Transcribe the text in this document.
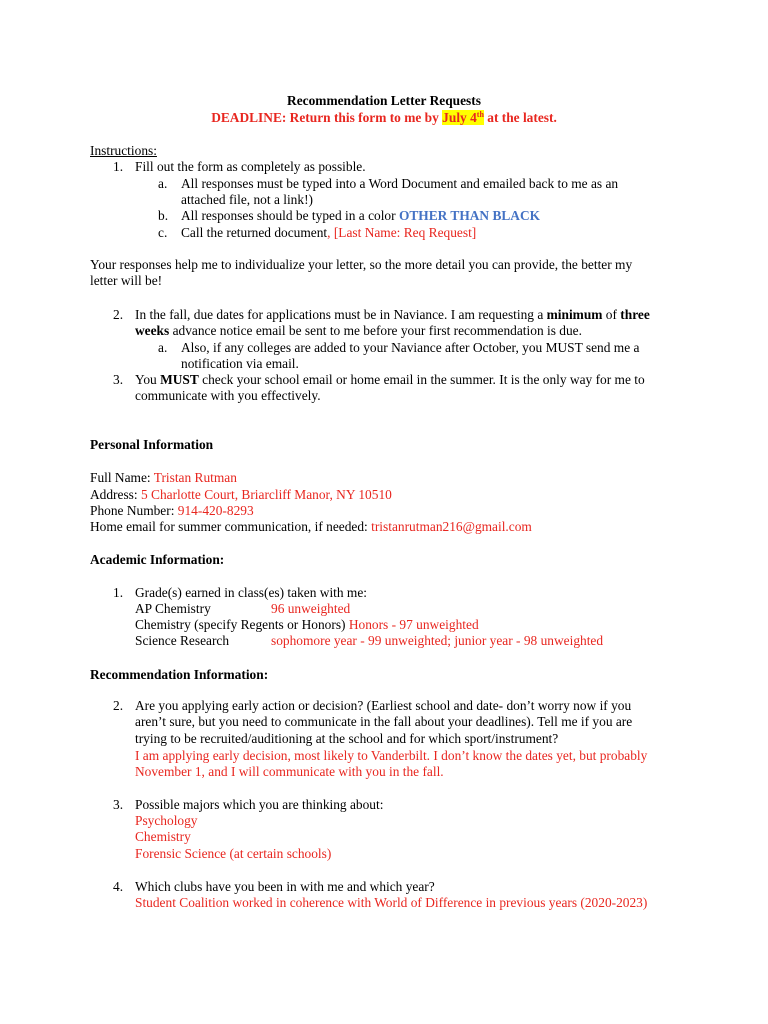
Recommendation Letter Requests
DEADLINE: Return this form to me by July 4th at the latest.
Instructions:
1. Fill out the form as completely as possible.
a. All responses must be typed into a Word Document and emailed back to me as an
attached file, not a link!)
b. All responses should be typed in a color OTHER THAN BLACK
c. Call the returned document, [Last Name: Req Request]
Your responses help me to individualize your letter, so the more detail you can provide, the better my
letter will be!
2. In the fall, due dates for applications must be in Naviance. I am requesting a minimum of three
weeks advance notice email be sent to me before your first recommendation is due.
a. Also, if any colleges are added to your Naviance after October, you MUST send me a
notification via email.
3. You MUST check your school email or home email in the summer. It is the only way for me to
communicate with you effectively.
Personal Information
Full Name: Tristan Rutman
Address: 5 Charlotte Court, Briarcliff Manor, NY 10510
Phone Number: 914-420-8293
Home email for summer communication, if needed: tristanrutman216@gmail.com
Academic Information:
1. Grade(s) earned in class(es) taken with me:
AP Chemistry	96 unweighted
Chemistry (specify Regents or Honors) Honors - 97 unweighted
Science Research	sophomore year - 99 unweighted; junior year - 98 unweighted
Recommendation Information:
2. Are you applying early action or decision? (Earliest school and date- don’t worry now if you
aren’t sure, but you need to communicate in the fall about your deadlines). Tell me if you are
trying to be recruited/auditioning at the school and for which sport/instrument?
I am applying early decision, most likely to Vanderbilt. I don’t know the dates yet, but probably
November 1, and I will communicate with you in the fall.
3. Possible majors which you are thinking about:
Psychology
Chemistry
Forensic Science (at certain schools)
4. Which clubs have you been in with me and which year?
Student Coalition worked in coherence with World of Difference in previous years (2020-2023)
